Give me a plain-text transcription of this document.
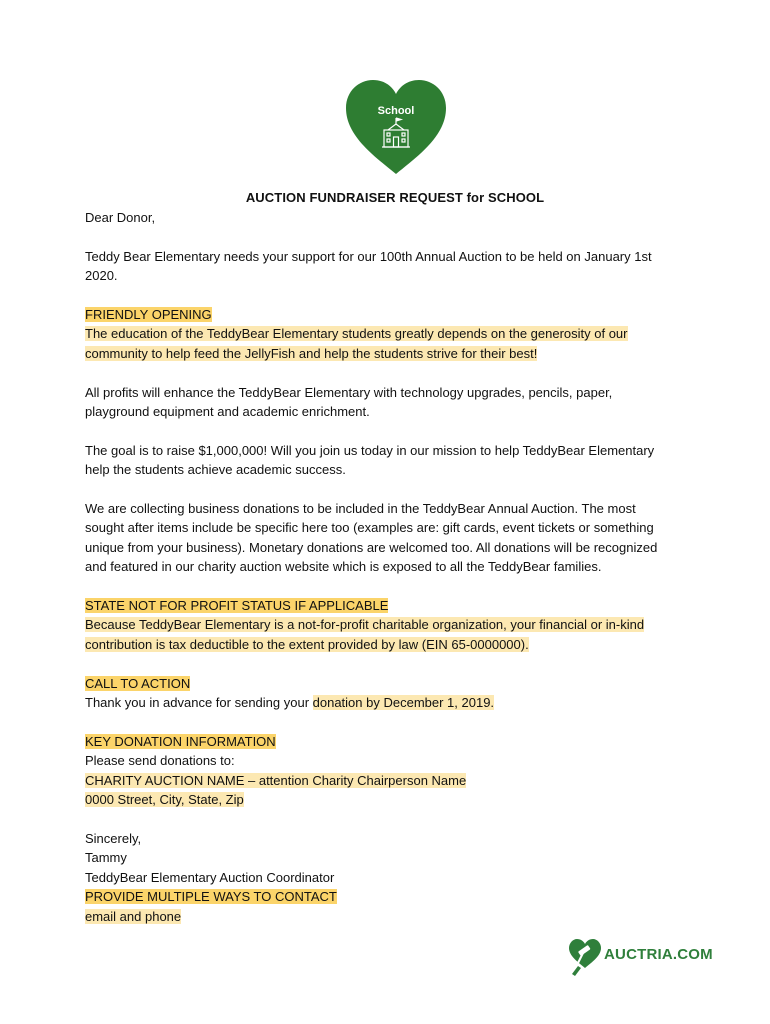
School
AUCTION FUNDRAISER REQUEST for SCHOOL
Dear Donor,
Teddy Bear Elementary needs your support for our 100th Annual Auction to be held on January 1st
2020.
FRIENDLY OPENING
The education of the TeddyBear Elementary students greatly depends on the generosity of our
community to help feed the JellyFish and help the students strive for their best!
All profits will enhance the TeddyBear Elementary with technology upgrades, pencils, paper,
playground equipment and academic enrichment.
The goal is to raise $1,000,000! Will you join us today in our mission to help TeddyBear Elementary
help the students achieve academic success.
We are collecting business donations to be included in the TeddyBear Annual Auction. The most
sought after items include be specific here too (examples are: gift cards, event tickets or something
unique from your business). Monetary donations are welcomed too. All donations will be recognized
and featured in our charity auction website which is exposed to all the TeddyBear families.
STATE NOT FOR PROFIT STATUS IF APPLICABLE
Because TeddyBear Elementary is a not-for-profit charitable organization, your financial or in-kind
contribution is tax deductible to the extent provided by law (EIN 65-0000000).
CALL TO ACTION
Thank you in advance for sending your donation by December 1, 2019.
KEY DONATION INFORMATION
Please send donations to:
CHARITY AUCTION NAME – attention Charity Chairperson Name
0000 Street, City, State, Zip
Sincerely,
Tammy
TeddyBear Elementary Auction Coordinator
PROVIDE MULTIPLE WAYS TO CONTACT
email and phone
AUCTRIA.COM
